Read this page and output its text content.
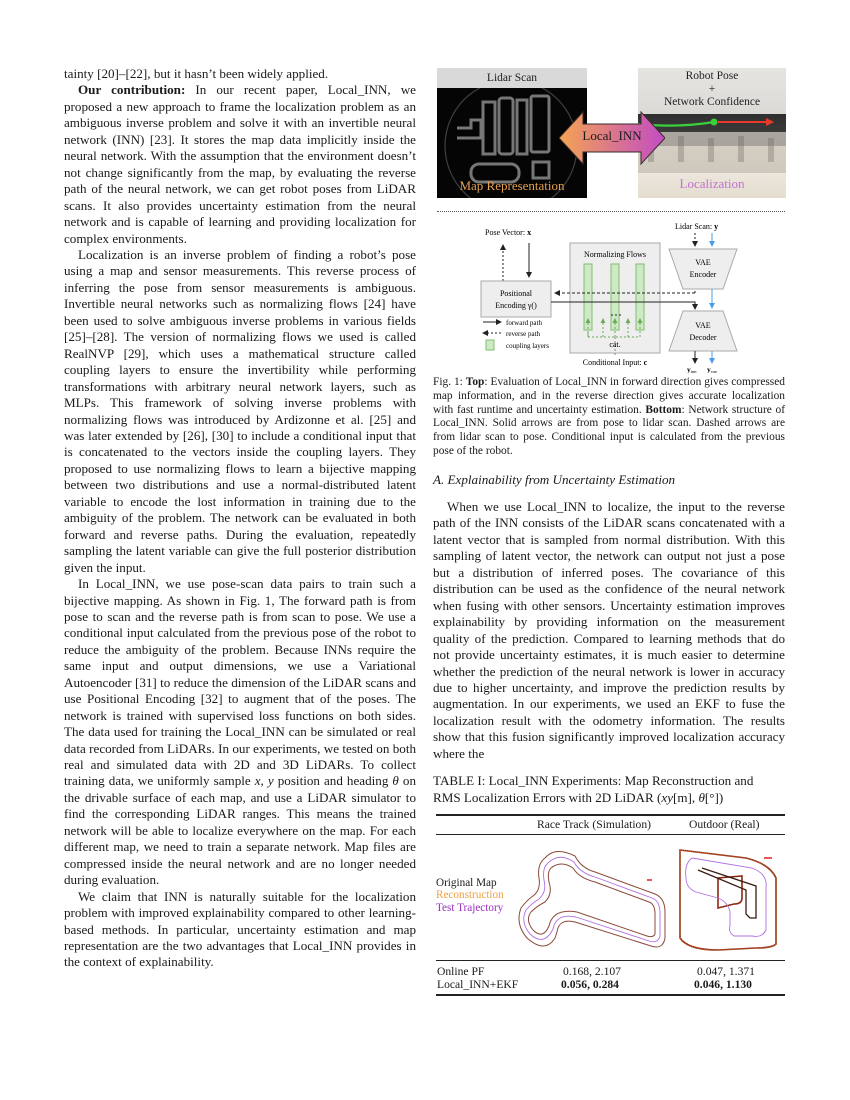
tainty [20]–[22], but it hasn’t been widely applied.

Our contribution: In our recent paper, Local_INN, we proposed a new approach to frame the localization problem as an ambiguous inverse problem and solve it with an invertible neural network (INN) [23]. It stores the map data implicitly inside the neural network. With the assumption that the environment doesn’t not change significantly from the map, by evaluating the reverse path of the neural network, we can get robot poses from LiDAR scans. It also provides uncertainty estimation from the neural network and is capable of learning and providing localization for complex environments.

Localization is an inverse problem of finding a robot’s pose using a map and sensor measurements. This reverse process of inferring the pose from sensor measurements is ambiguous. Invertible neural networks such as normalizing flows [24] have been used to solve ambiguous inverse problems in various fields [25]–[28]. The version of normalizing flows we used is called RealNVP [29], which uses a mathematical structure called coupling layers to ensure the invertibility while performing transformations with arbitrary neural network layers, such as MLPs. This framework of solving inverse problems with normalizing flows was introduced by Ardizonne et al. [25] and was later extended by [26], [30] to include a conditional input that is concatenated to the vectors inside the coupling layers. They proposed to use normalizing flows to learn a bijective mapping between two distributions and use a normal-distributed latent variable to encode the lost information in training due to the ambiguity of the problem. The network can be evaluated in both forward and reverse paths. During the evaluation, repeatedly sampling the latent variable can give the full posterior distribution given the input.

In Local_INN, we use pose-scan data pairs to train such a bijective mapping. As shown in Fig. 1, The forward path is from pose to scan and the reverse path is from scan to pose. We use a conditional input calculated from the previous pose of the robot to reduce the ambiguity of the problem. Because INNs require the same input and output dimensions, we use a Variational Autoencoder [31] to reduce the dimension of the LiDAR scans and use Positional Encoding [32] to augment that of the poses. The network is trained with supervised loss functions on both sides. The data used for training the Local_INN can be simulated or real data recorded from LiDARs. In our experiments, we tested on both real and simulated data with 2D and 3D LiDARs. To collect training data, we uniformly sample x, y position and heading θ on the drivable surface of each map, and use a LiDAR simulator to find the corresponding LiDAR ranges. This means the trained network will be able to localize everywhere on the map. For each different map, we need to train a separate network. Map files are compressed inside the neural network and are no longer needed during evaluation.

We claim that INN is naturally suitable for the localization problem with improved explainability compared to other learning-based methods. In particular, uncertainty estimation and map representation are the two advantages that Local_INN provides in the context of explainability.

Lidar Scan
Map Representation
Robot Pose
+
Network Confidence
Localization
Local_INN
Pose Vector: x
Positional
Encoding γ()
Normalizing Flows
cat.
Conditional Input: c
Lidar Scan: y
VAE
Encoder
VAE
Decoder
yinn yvae
forward path
reverse path
coupling layers
Fig. 1: Top: Evaluation of Local_INN in forward direction gives compressed map information, and in the reverse direction gives accurate localization with fast runtime and uncertainty estimation. Bottom: Network structure of Local_INN. Solid arrows are from pose to lidar scan. Dashed arrows are from lidar scan to pose. Conditional input is calculated from the previous pose of the robot.
A. Explainability from Uncertainty Estimation

When we use Local_INN to localize, the input to the reverse path of the INN consists of the LiDAR scans concatenated with a latent vector that is sampled from normal distribution. With this sampling of latent vector, the network can output not just a pose but a distribution of inferred poses. The covariance of this distribution can be used as the confidence of the neural network when fusing with other sensors. Uncertainty estimation improves explainability by providing information on the measurement quality of the prediction. Compared to learning methods that do not provide uncertainty estimates, it is much easier to determine whether the prediction of the neural network is lower in accuracy due to higher uncertainty, and improve the prediction results by augmentation. In our experiments, we used an EKF to fuse the localization result with the odometry information. The results show that this fusion significantly improved localization accuracy where the

TABLE I: Local_INN Experiments: Map Reconstruction and
RMS Localization Errors with 2D LiDAR (xy[m], θ[°])
Race Track (Simulation)	Outdoor (Real)
Original Map
Reconstruction
Test Trajectory
Online PF	0.168, 2.107	0.047, 1.371
Local_INN+EKF	0.056, 0.284	0.046, 1.130
